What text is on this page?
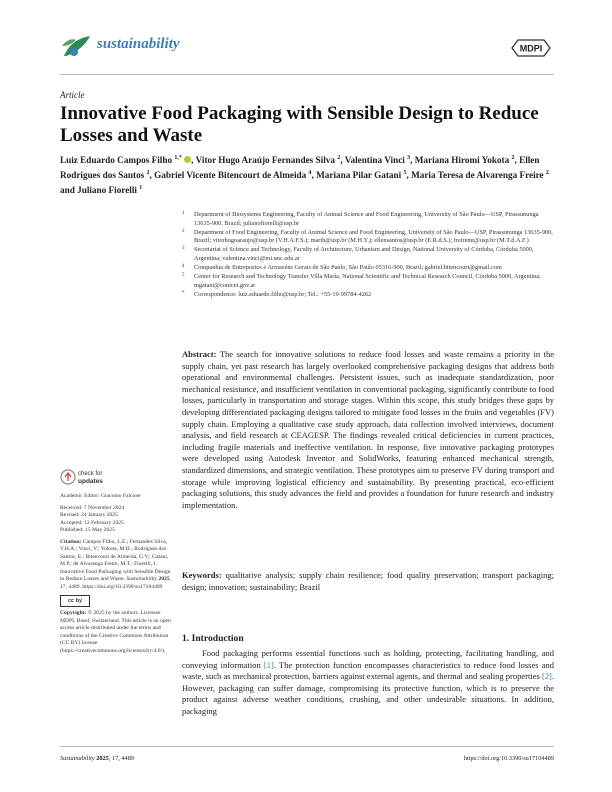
sustainability	MDPI
Article
Innovative Food Packaging with Sensible Design to Reduce Losses and Waste
Luiz Eduardo Campos Filho $^{1,*}$ , Vitor Hugo Araújo Fernandes Silva $^2$, Valentina Vinci $^3$, Mariana Hiromi Yokota $^2$, Ellen Rodrigues dos Santos $^2$, Gabriel Vicente Bitencourt de Almeida $^4$, Mariana Pilar Gatani $^5$, Maria Teresa de Alvarenga Freire $^2$ and Juliano Fiorelli $^1$
1 Department of Biosystems Engineering, Faculty of Animal Science and Food Engineering, University of São Paulo—USP, Pirassununga 13635-900, Brazil; julianofiorelli@usp.br
2 Department of Food Engineering, Faculty of Animal Science and Food Engineering, University of São Paulo—USP, Pirassununga 13635-900, Brazil; vitorhugoaraujo@usp.br (V.H.A.F.S.); marih@usp.br (M.H.Y.); ellensantos@usp.br (E.R.d.S.); freiremt@usp.br (M.T.d.A.F.)
3 Secretariat of Science and Technology, Faculty of Architecture, Urbanism and Design, National University of Córdoba, Córdoba 5000, Argentina; valentina.vinci@mi.unc.edu.ar
4 Companhia de Entrepostos e Armazéns Gerais de São Paulo, São Paulo 05316-900, Brazil; gabriel.bitencourt@gmail.com
5 Center for Research and Technology Transfer Villa María, National Scientific and Technical Research Council, Córdoba 5000, Argentina; mgatani@conicet.gov.ar
* Correspondence: luiz.eduardo.filho@usp.br; Tel.: +55-19-99784-4262
check for
updates

Academic Editor: Giacomo Falcone

Received: 7 November 2024
Revised: 24 January 2025
Accepted: 12 February 2025

Published: 15 May 2025

Citation: Campos Filho, L.E.; Fernandes Silva, V.H.A.; Vinci, V.; Yokota, M.H.; Rodrigues dos Santos, E.; Bitencourt de Almeida, G.V.; Gatani, M.P.; de Alvarenga Freire, M.T.; Fiorelli, J. Innovative Food Packaging with Sensible Design to Reduce Losses and Waste. Sustainability 2025, 17, 4489. https://doi.org/10.3390/su17104489

cc by

Copyright: © 2025 by the authors. Licensee MDPI, Basel, Switzerland. This article is an open access article distributed under the terms and conditions of the Creative Commons Attribution (CC BY) license (https://creativecommons.org/licenses/by/4.0/).

Abstract: The search for innovative solutions to reduce food losses and waste remains a priority in the supply chain, yet past research has largely overlooked comprehensive packaging designs that address both operational and environmental challenges. Persistent issues, such as inadequate standardization, poor mechanical resistance, and insufficient ventilation in conventional packaging, significantly contribute to food losses, particularly in transportation and storage stages. Within this scope, this study bridges these gaps by developing differentiated packaging designs tailored to mitigate food losses in the fruits and vegetables (FV) supply chain. Employing a qualitative case study approach, data collection involved interviews, document analysis, and field research at CEAGESP. The findings revealed critical deficiencies in current practices, including fragile materials and ineffective ventilation. In response, five innovative packaging prototypes were developed using Autodesk Inventor and SolidWorks, featuring enhanced mechanical strength, standardized dimensions, and strategic ventilation. These prototypes aim to preserve FV during transport and storage while improving logistical efficiency and sustainability. By presenting practical, eco-efficient packaging solutions, this study advances the field and provides a foundation for future research and industry implementation.
Keywords: qualitative analysis; supply chain resilience; food quality preservation; transport packaging; design; innovation; sustainability; Brazil
1. Introduction
Food packaging performs essential functions such as holding, protecting, facilitating handling, and conveying information [1]. The protection function encompasses characteristics to reduce food losses and waste, such as mechanical protection, barriers against external agents, and thermal and sealing properties [2]. However, packaging can suffer damage, compromising its protective function, which is to preserve the product against adverse weather conditions, crushing, and other undesirable situations. In addition, packaging
Sustainability 2025, 17, 4489	https://doi.org/10.3390/su17104489
